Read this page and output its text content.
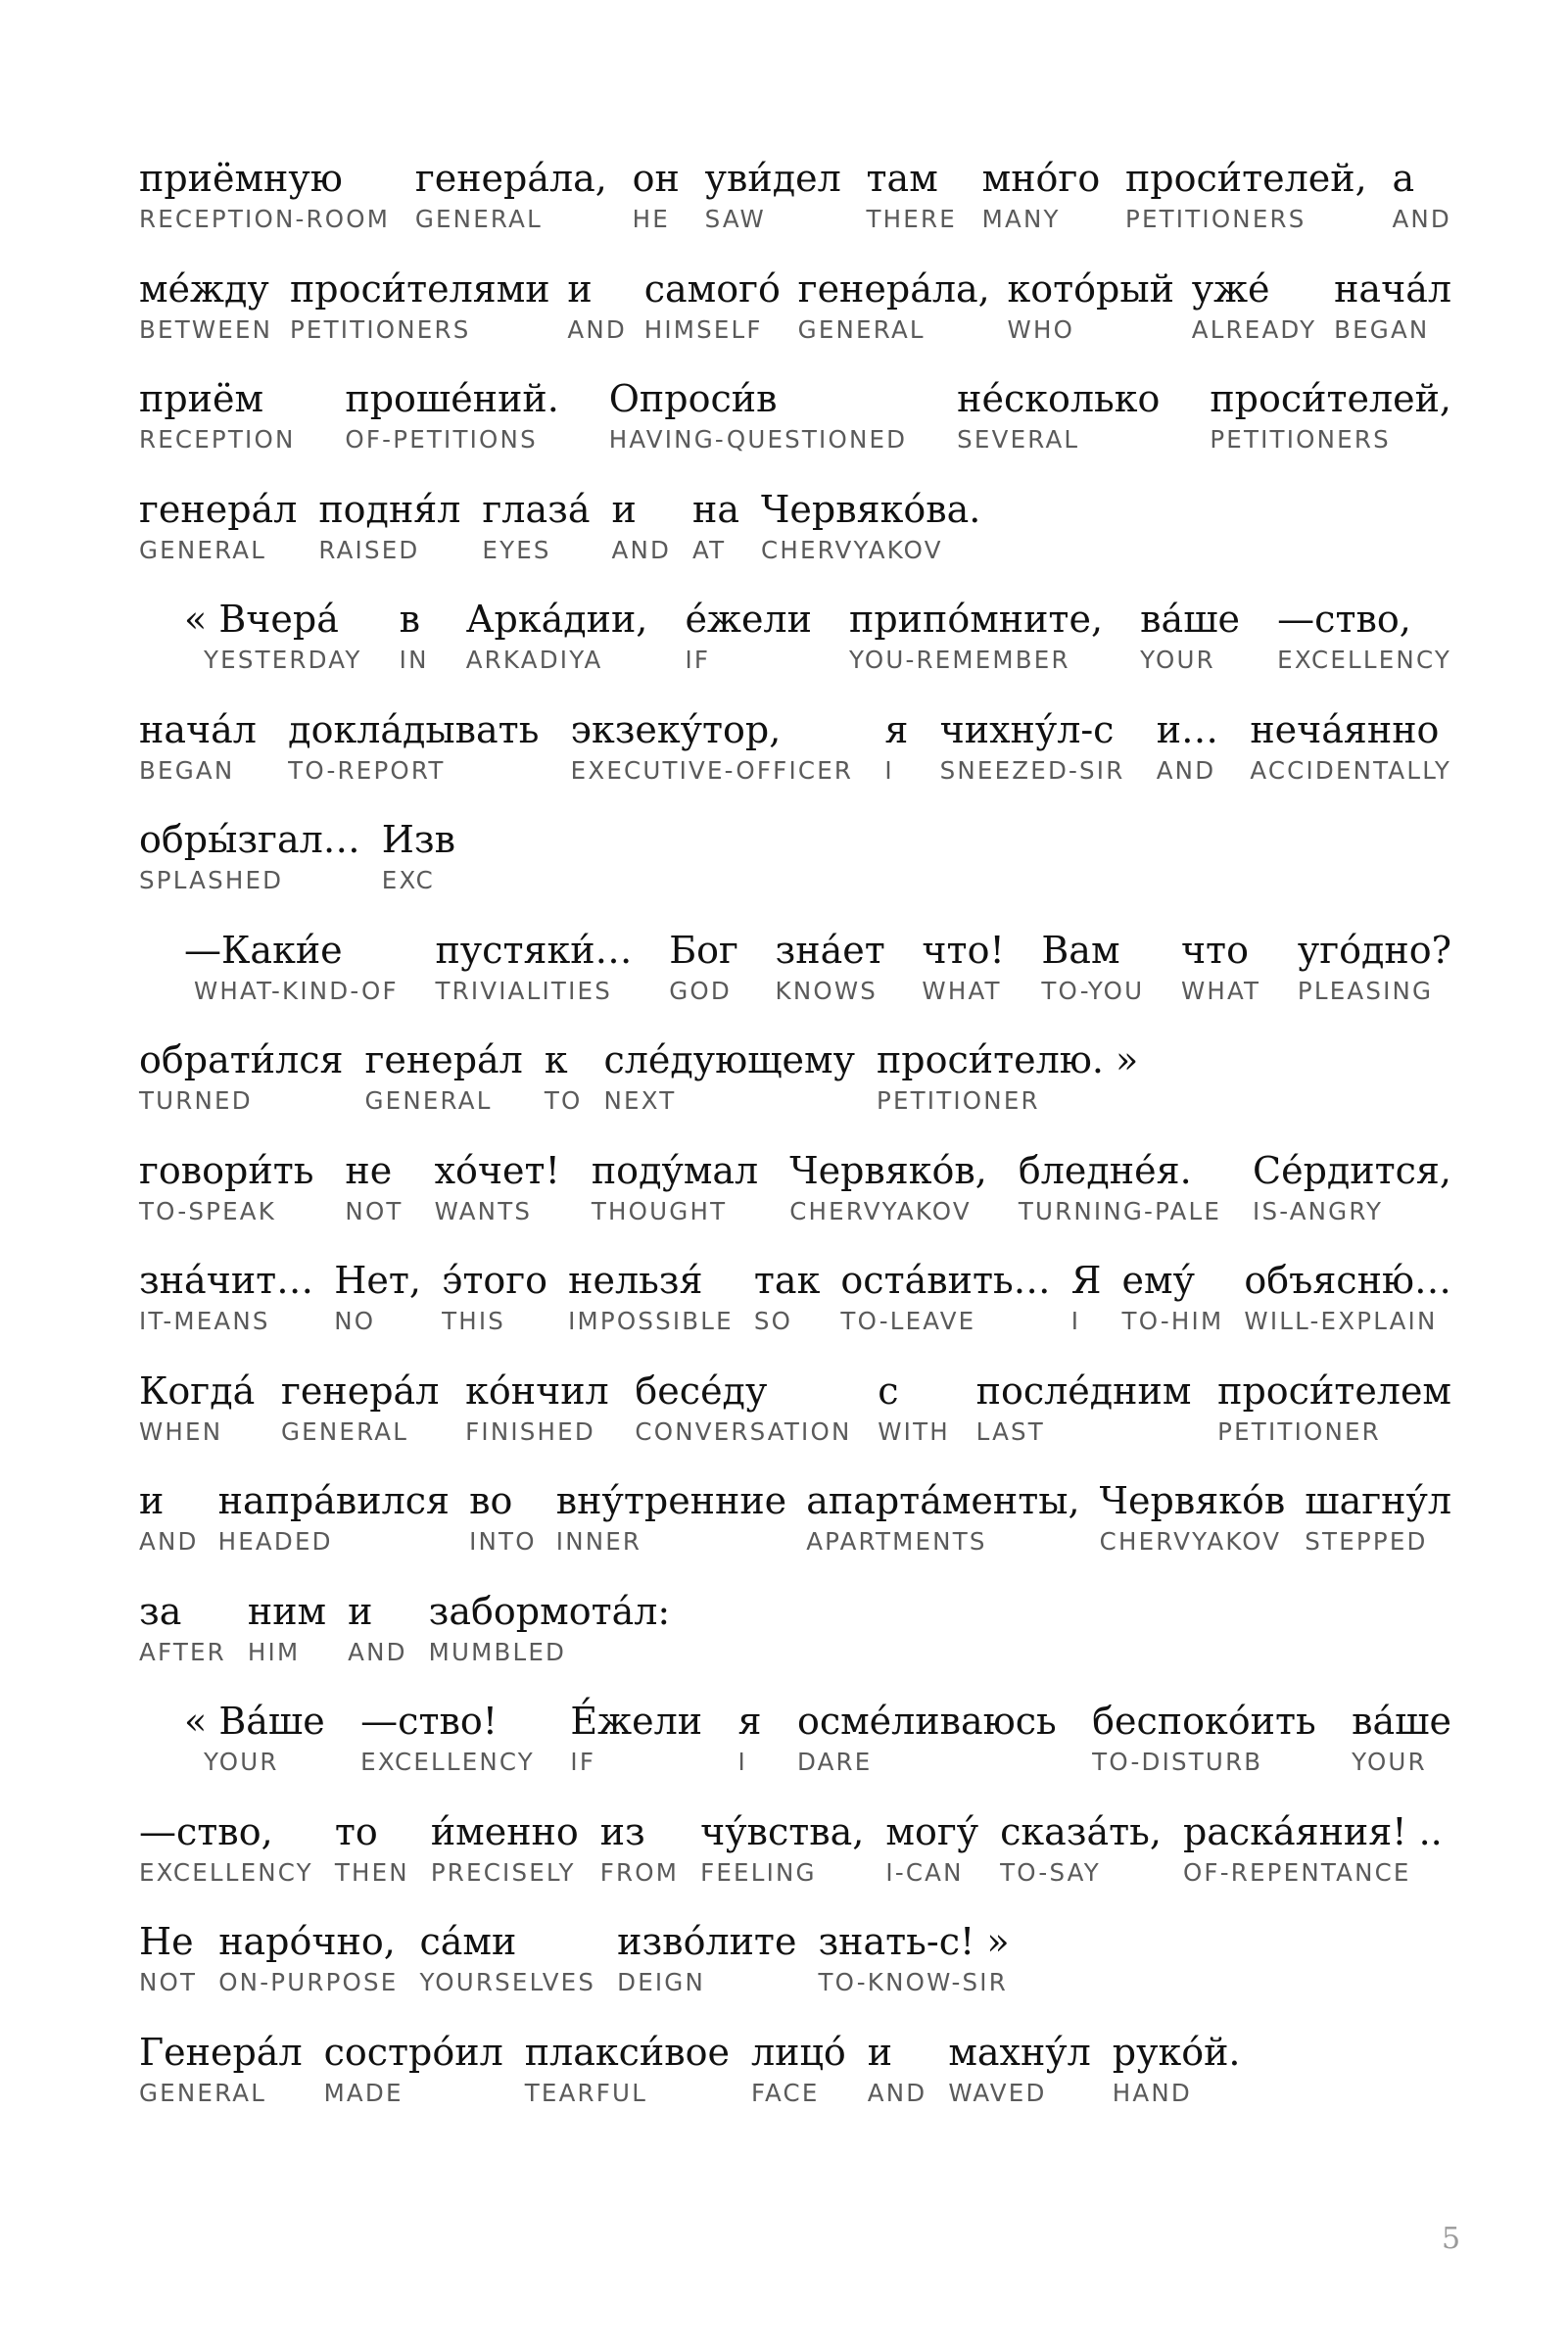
приёмную
RECEPTION-ROOM
генера́ла,
GENERAL
он
HE
уви́дел
SAW
там
THERE
мно́го
MANY
проси́телей,
PETITIONERS
а
AND
ме́жду
BETWEEN
проси́телями
PETITIONERS
и
AND
самого́
HIMSELF
генера́ла,
GENERAL
кото́рый
WHO
уже́
ALREADY
нача́л
BEGAN
приём
RECEPTION
проше́ний.
OF-PETITIONS
Опроси́в
HAVING-QUESTIONED
не́сколько
SEVERAL
проси́телей,
PETITIONERS
генера́л
GENERAL
подня́л
RAISED
глаза́
EYES
и
AND
на
AT
Червяко́ва.
CHERVYAKOV
« Вчера́
YESTERDAY
в
IN
Арка́дии,
ARKADIYA
е́жели
IF
припо́мните,
YOU-REMEMBER
ва́ше
YOUR
—ство,
EXCELLENCY
нача́л
BEGAN
докла́дывать
TO-REPORT
экзеку́тор,
EXECUTIVE-OFFICER
я
I
чихну́л-с
SNEEZED-SIR
и…
AND
неча́янно
ACCIDENTALLY
обры́згал…
SPLASHED
Изв
EXC
—Каки́е
WHAT-KIND-OF
пустяки́…
TRIVIALITIES
Бог
GOD
зна́ет
KNOWS
что!
WHAT
Вам
TO-YOU
что
WHAT
уго́дно?
PLEASING
обрати́лся
TURNED
генера́л
GENERAL
к
TO
сле́дующему
NEXT
проси́телю. »
PETITIONER
говори́ть
TO-SPEAK
не
NOT
хо́чет!
WANTS
поду́мал
THOUGHT
Червяко́в,
CHERVYAKOV
бледне́я.
TURNING-PALE
Се́рдится,
IS-ANGRY
зна́чит…
IT-MEANS
Нет,
NO
э́того
THIS
нельзя́
IMPOSSIBLE
так
SO
оста́вить…
TO-LEAVE
Я
I
ему́
TO-HIM
объясню́…
WILL-EXPLAIN
Когда́
WHEN
генера́л
GENERAL
ко́нчил
FINISHED
бесе́ду
CONVERSATION
с
WITH
после́дним
LAST
проси́телем
PETITIONER
и
AND
напра́вился
HEADED
во
INTO
вну́тренние
INNER
апарта́менты,
APARTMENTS
Червяко́в
CHERVYAKOV
шагну́л
STEPPED
за
AFTER
ним
HIM
и
AND
забормота́л:
MUMBLED
« Ва́ше
YOUR
—ство!
EXCELLENCY
Е́жели
IF
я
I
осме́ливаюсь
DARE
беспоко́ить
TO-DISTURB
ва́ше
YOUR
—ство,
EXCELLENCY
то
THEN
и́менно
PRECISELY
из
FROM
чу́вства,
FEELING
могу́
I-CAN
сказа́ть,
TO-SAY
раска́яния! ..
OF-REPENTANCE
Не
NOT
наро́чно,
ON-PURPOSE
са́ми
YOURSELVES
изво́лите
DEIGN
знать-с! »
TO-KNOW-SIR
Генера́л
GENERAL
состро́ил
MADE
плакси́вое
TEARFUL
лицо́
FACE
и
AND
махну́л
WAVED
руко́й.
HAND
5
